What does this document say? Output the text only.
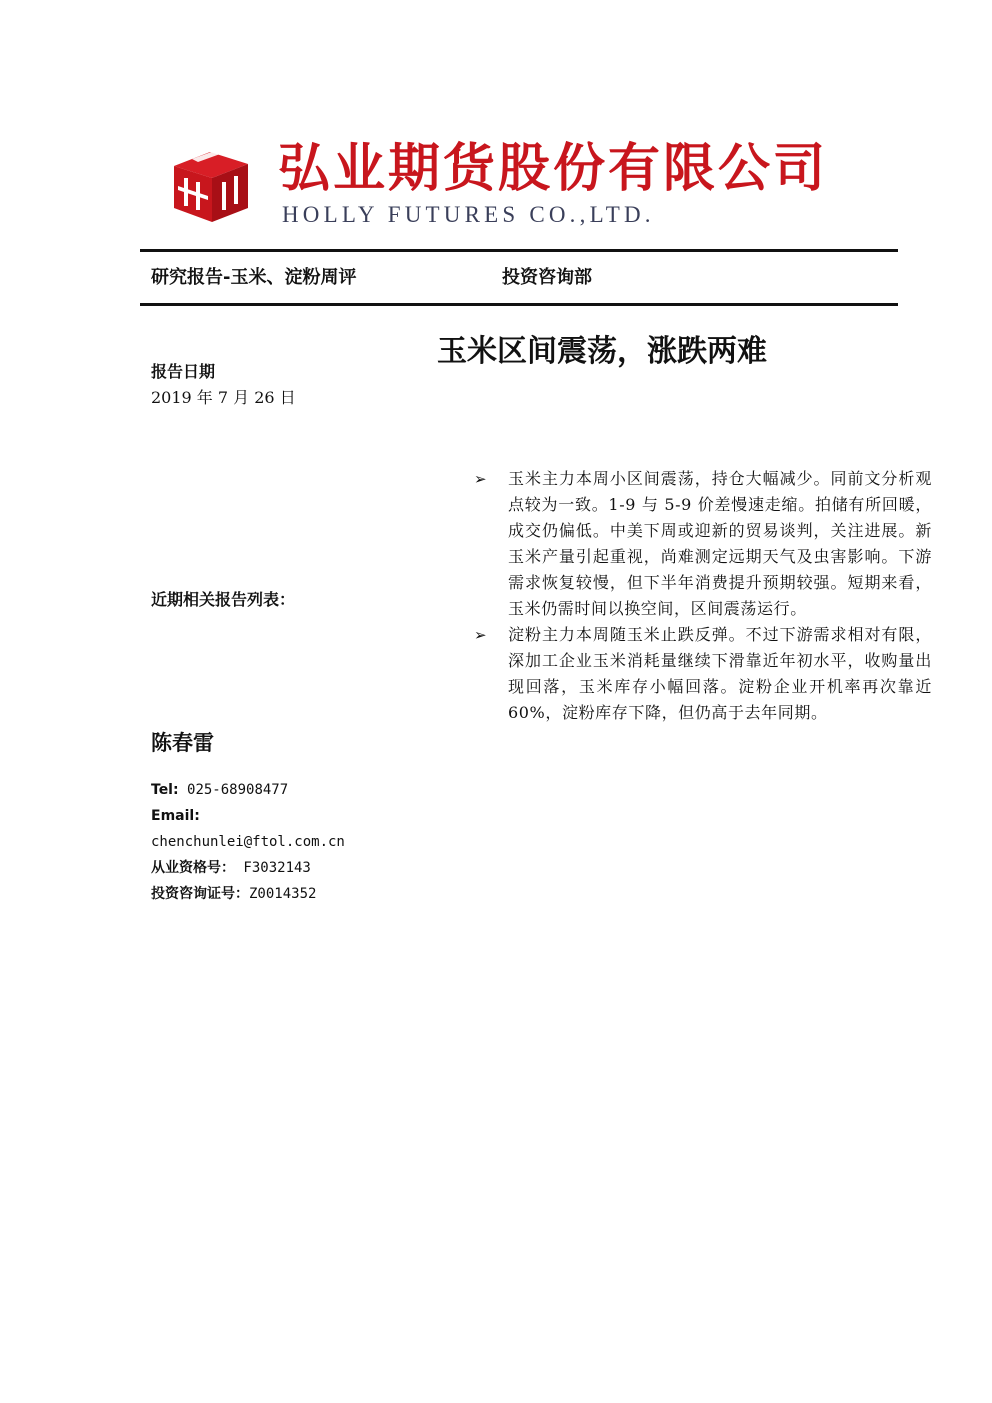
弘业期货股份有限公司
HOLLY FUTURES CO.,LTD.
研究报告-玉米、淀粉周评	投资咨询部
玉米区间震荡，涨跌两难
报告日期
2019 年 7 月 26 日
近期相关报告列表：
陈春雷
Tel: 025-68908477
Email:
chenchunlei@ftol.com.cn
从业资格号： F3032143
投资咨询证号：Z0014352
➢ 玉米主力本周小区间震荡，持仓大幅减少。同前文分析观点较为一致。1-9 与 5-9 价差慢速走缩。拍储有所回暖，成交仍偏低。中美下周或迎新的贸易谈判，关注进展。新玉米产量引起重视，尚难测定远期天气及虫害影响。下游需求恢复较慢，但下半年消费提升预期较强。短期来看，玉米仍需时间以换空间，区间震荡运行。
➢ 淀粉主力本周随玉米止跌反弹。不过下游需求相对有限，深加工企业玉米消耗量继续下滑靠近年初水平，收购量出现回落，玉米库存小幅回落。淀粉企业开机率再次靠近 60%，淀粉库存下降，但仍高于去年同期。
